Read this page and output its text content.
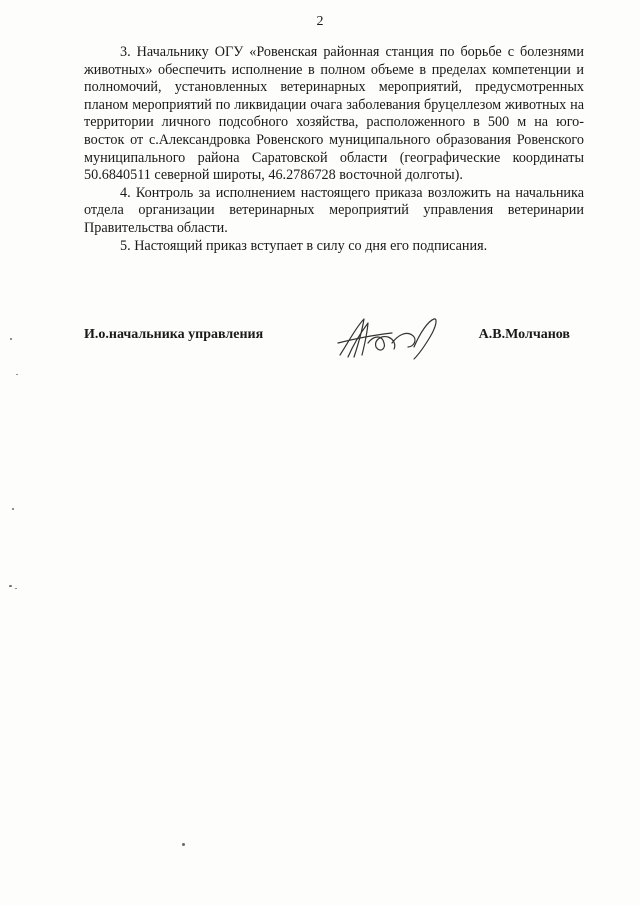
2

3. Начальнику ОГУ «Ровенская районная станция по борьбе с болезнями животных» обеспечить исполнение в полном объеме в пределах компетенции и полномочий, установленных ветеринарных мероприятий, предусмотренных планом мероприятий по ликвидации очага заболевания бруцеллезом животных на территории личного подсобного хозяйства, расположенного в 500 м на юго-восток от с.Александровка Ровенского муниципального образования Ровенского муниципального района Саратовской области (географические координаты 50.6840511 северной широты, 46.2786728 восточной долготы).

4. Контроль за исполнением настоящего приказа возложить на начальника отдела организации ветеринарных мероприятий управления ветеринарии Правительства области.

5. Настоящий приказ вступает в силу со дня его подписания.

И.о.начальника управления	А.В.Молчанов
